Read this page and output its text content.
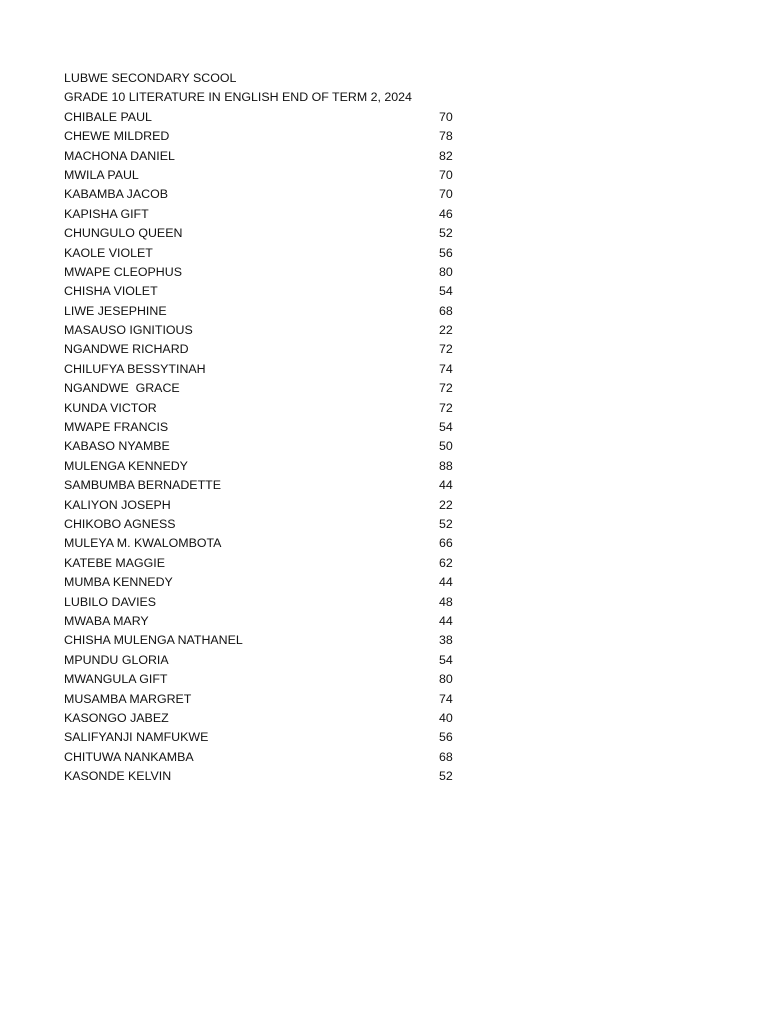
LUBWE SECONDARY SCOOL
GRADE 10 LITERATURE IN ENGLISH END OF TERM 2, 2024
CHIBALE PAUL	70
CHEWE MILDRED	78
MACHONA DANIEL	82
MWILA PAUL	70
KABAMBA JACOB	70
KAPISHA GIFT	46
CHUNGULO QUEEN	52
KAOLE VIOLET	56
MWAPE CLEOPHUS	80
CHISHA VIOLET	54
LIWE JESEPHINE	68
MASAUSO IGNITIOUS	22
NGANDWE RICHARD	72
CHILUFYA BESSYTINAH	74
NGANDWE  GRACE	72
KUNDA VICTOR	72
MWAPE FRANCIS	54
KABASO NYAMBE	50
MULENGA KENNEDY	88
SAMBUMBA BERNADETTE	44
KALIYON JOSEPH	22
CHIKOBO AGNESS	52
MULEYA M. KWALOMBOTA	66
KATEBE MAGGIE	62
MUMBA KENNEDY	44
LUBILO DAVIES	48
MWABA MARY	44
CHISHA MULENGA NATHANEL	38
MPUNDU GLORIA	54
MWANGULA GIFT	80
MUSAMBA MARGRET	74
KASONGO JABEZ	40
SALIFYANJI NAMFUKWE	56
CHITUWA NANKAMBA	68
KASONDE KELVIN	52
